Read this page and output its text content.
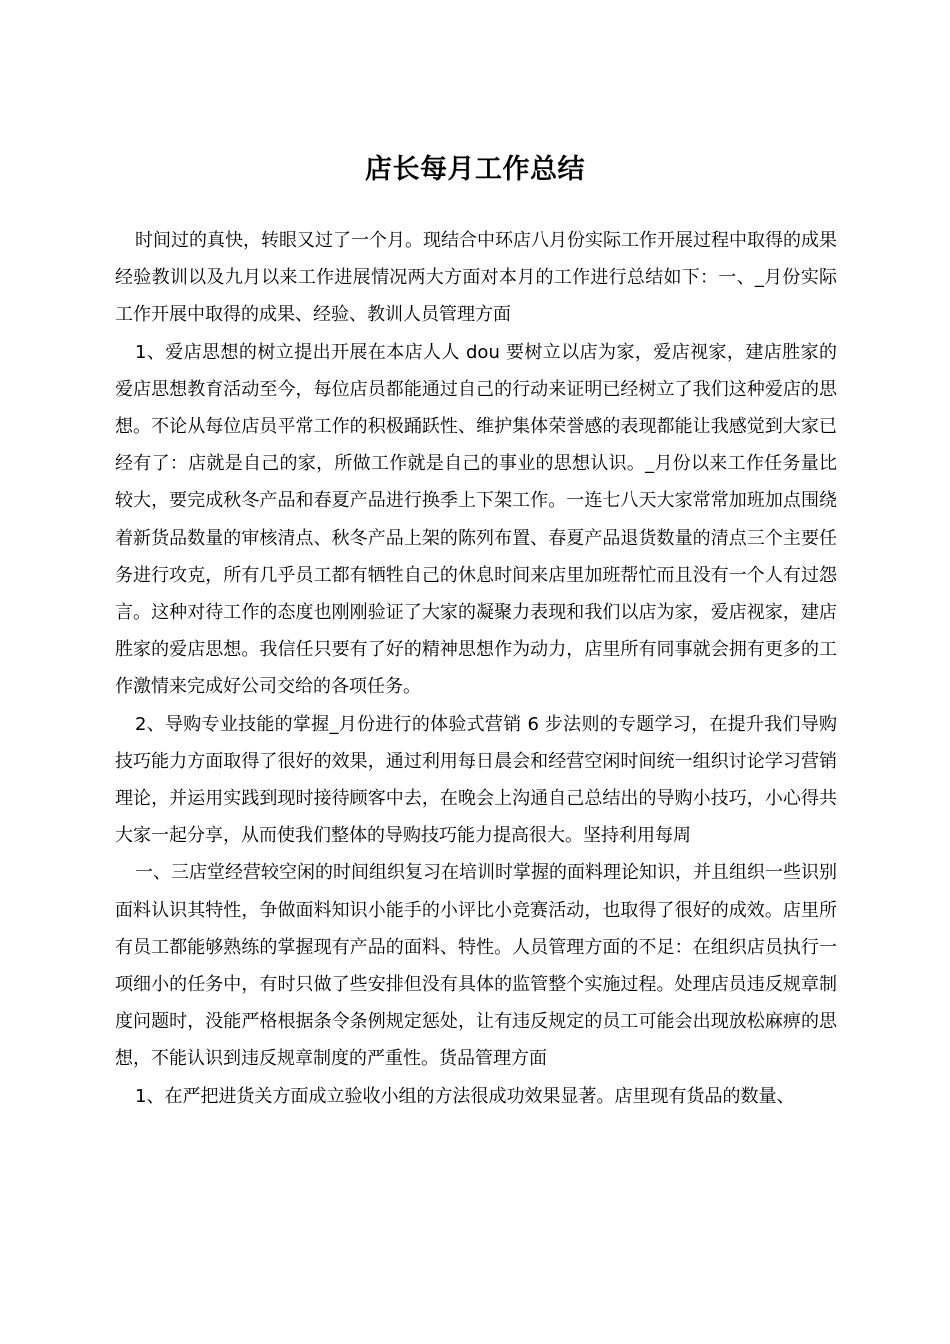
店长每月工作总结

时间过的真快，转眼又过了一个月。现结合中环店八月份实际工作开展过程中取得的成果经验教训以及九月以来工作进展情况两大方面对本月的工作进行总结如下：一、_月份实际工作开展中取得的成果、经验、教训人员管理方面

1、爱店思想的树立提出开展在本店人人 dou 要树立以店为家，爱店视家，建店胜家的爱店思想教育活动至今，每位店员都能通过自己的行动来证明已经树立了我们这种爱店的思想。不论从每位店员平常工作的积极踊跃性、维护集体荣誉感的表现都能让我感觉到大家已经有了：店就是自己的家，所做工作就是自己的事业的思想认识。_月份以来工作任务量比较大，要完成秋冬产品和春夏产品进行换季上下架工作。一连七八天大家常常加班加点围绕着新货品数量的审核清点、秋冬产品上架的陈列布置、春夏产品退货数量的清点三个主要任务进行攻克，所有几乎员工都有牺牲自己的休息时间来店里加班帮忙而且没有一个人有过怨言。这种对待工作的态度也刚刚验证了大家的凝聚力表现和我们以店为家，爱店视家，建店胜家的爱店思想。我信任只要有了好的精神思想作为动力，店里所有同事就会拥有更多的工作激情来完成好公司交给的各项任务。

2、导购专业技能的掌握_月份进行的体验式营销 6 步法则的专题学习，在提升我们导购技巧能力方面取得了很好的效果，通过利用每日晨会和经营空闲时间统一组织讨论学习营销理论，并运用实践到现时接待顾客中去，在晚会上沟通自己总结出的导购小技巧，小心得共大家一起分享，从而使我们整体的导购技巧能力提高很大。坚持利用每周

一、三店堂经营较空闲的时间组织复习在培训时掌握的面料理论知识，并且组织一些识别面料认识其特性，争做面料知识小能手的小评比小竞赛活动，也取得了很好的成效。店里所有员工都能够熟练的掌握现有产品的面料、特性。人员管理方面的不足：在组织店员执行一项细小的任务中，有时只做了些安排但没有具体的监管整个实施过程。处理店员违反规章制度问题时，没能严格根据条令条例规定惩处，让有违反规定的员工可能会出现放松麻痹的思想，不能认识到违反规章制度的严重性。货品管理方面

1、在严把进货关方面成立验收小组的方法很成功效果显著。店里现有货品的数量、
